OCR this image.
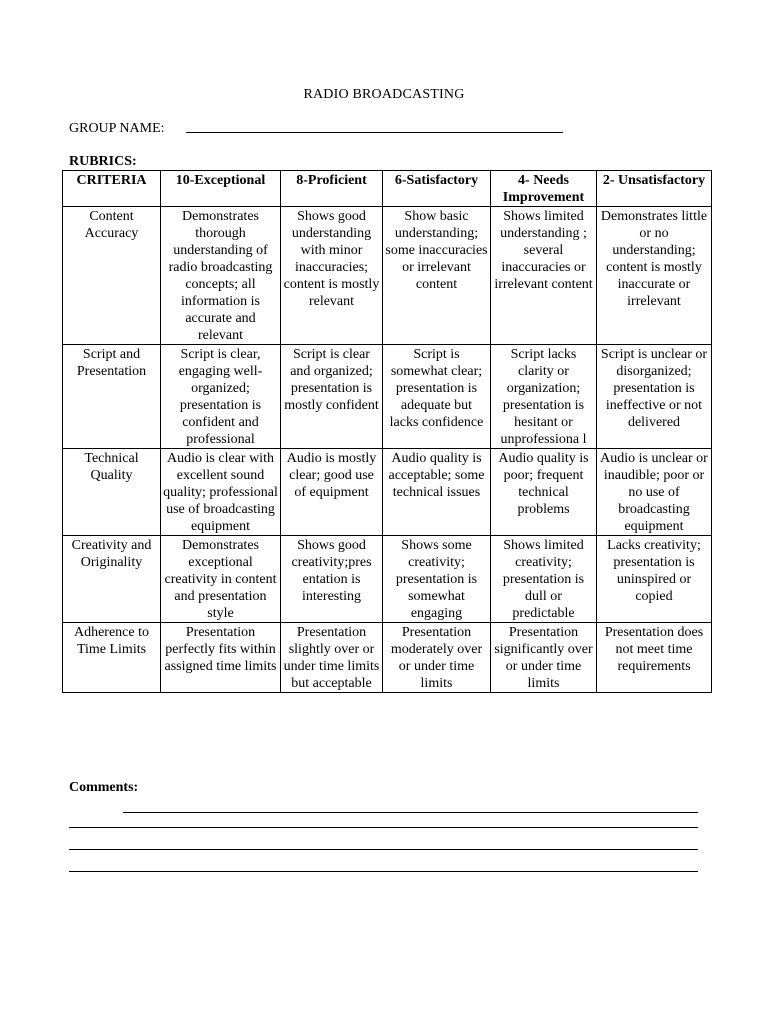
RADIO BROADCASTING
GROUP NAME:
RUBRICS:
CRITERIA	10-Exceptional	8-Proficient	6-Satisfactory	4- Needs Improvement	2- Unsatisfactory
Content Accuracy	Demonstrates thorough understanding of radio broadcasting concepts; all information is accurate and relevant	Shows good understanding with minor inaccuracies; content is mostly relevant	Show basic understanding; some inaccuracies or irrelevant content	Shows limited understanding ; several inaccuracies or irrelevant content	Demonstrates little or no understanding; content is mostly inaccurate or irrelevant
Script and Presentation	Script is clear, engaging well-organized; presentation is confident and professional	Script is clear and organized; presentation is mostly confident	Script is somewhat clear; presentation is adequate but lacks confidence	Script lacks clarity or organization; presentation is hesitant or unprofessiona l	Script is unclear or disorganized; presentation is ineffective or not delivered
Technical Quality	Audio is clear with excellent sound quality; professional use of broadcasting equipment	Audio is mostly clear; good use of equipment	Audio quality is acceptable; some technical issues	Audio quality is poor; frequent technical problems	Audio is unclear or inaudible; poor or no use of broadcasting equipment
Creativity and Originality	Demonstrates exceptional creativity in content and presentation style	Shows good creativity;pres entation is interesting	Shows some creativity; presentation is somewhat engaging	Shows limited creativity; presentation is dull or predictable	Lacks creativity; presentation is uninspired or copied
Adherence to Time Limits	Presentation perfectly fits within assigned time limits	Presentation slightly over or under time limits but acceptable	Presentation moderately over or under time limits	Presentation significantly over or under time limits	Presentation does not meet time requirements
Comments:
